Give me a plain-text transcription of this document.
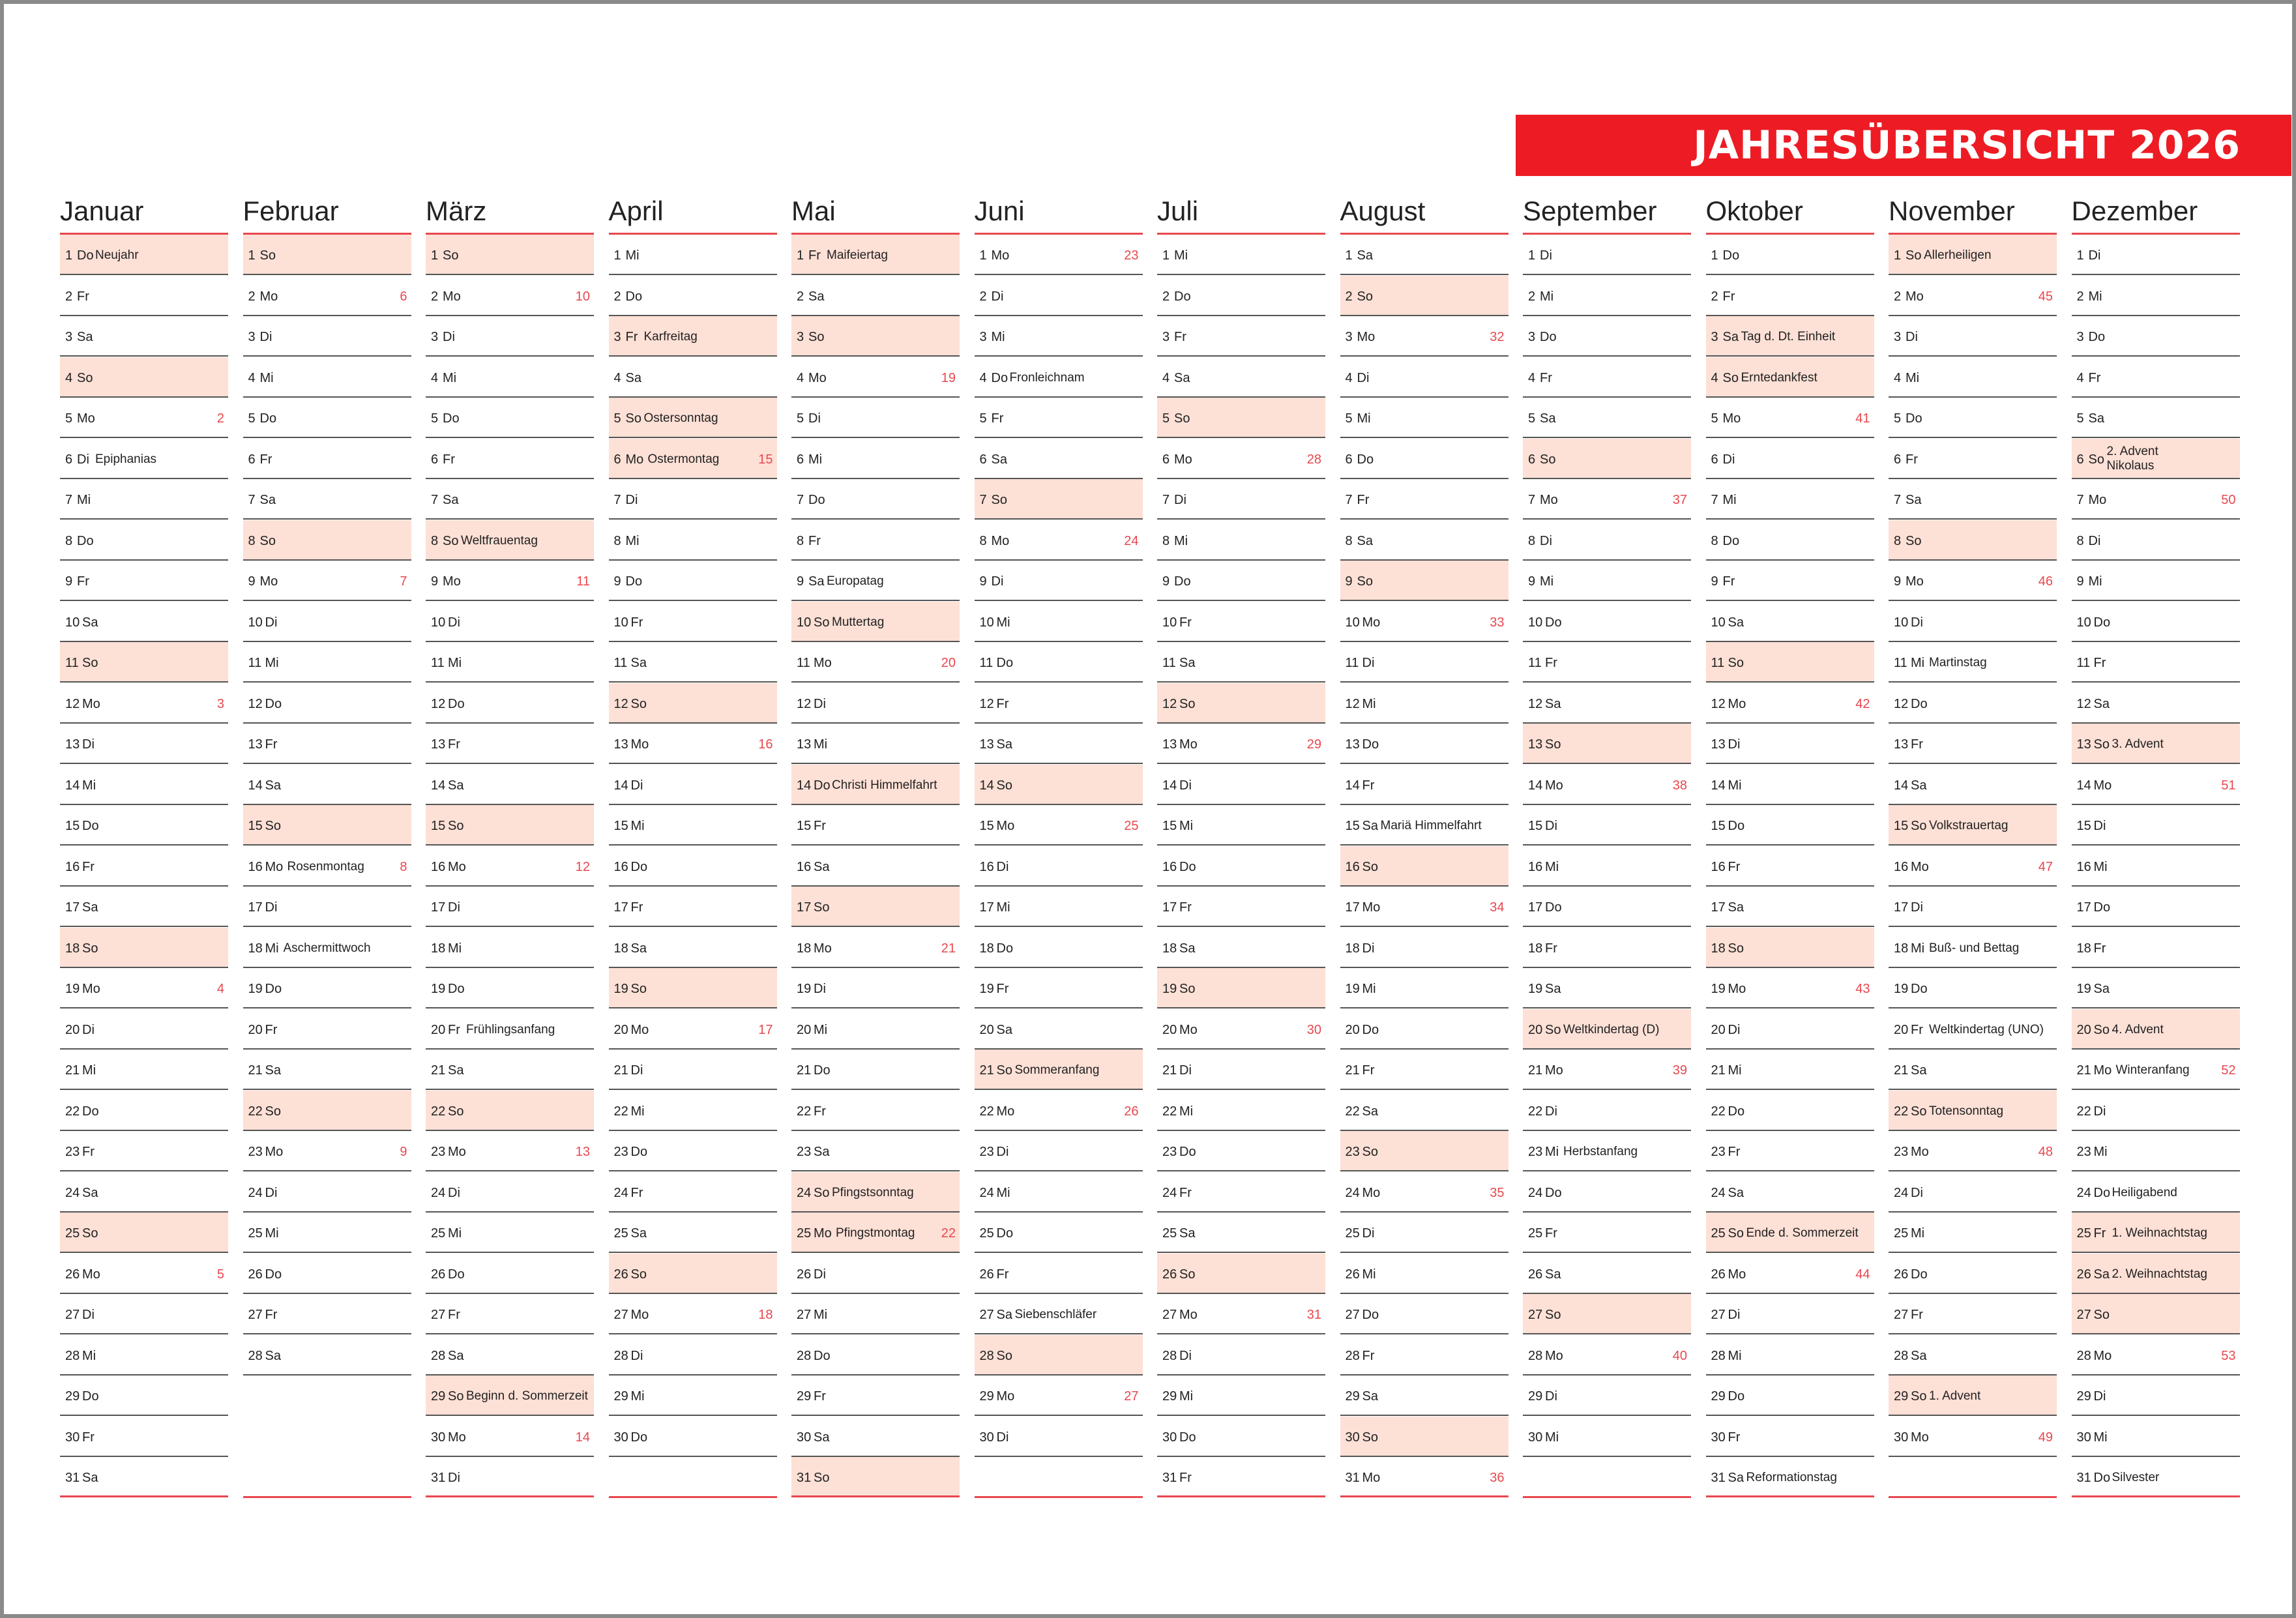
JAHRESÜBERSICHT 2026
Januar
1 Do Neujahr
2 Fr
3 Sa
4 So
5 Mo	2
6 Di Epiphanias
7 Mi
8 Do
9 Fr
10 Sa
11 So
12 Mo	3
13 Di
14 Mi
15 Do
16 Fr
17 Sa
18 So
19 Mo	4
20 Di
21 Mi
22 Do
23 Fr
24 Sa
25 So
26 Mo	5
27 Di
28 Mi
29 Do
30 Fr
31 Sa
Februar
1 So
2 Mo	6
3 Di
4 Mi
5 Do
6 Fr
7 Sa
8 So
9 Mo	7
10 Di
11 Mi
12 Do
13 Fr
14 Sa
15 So
16 Mo Rosenmontag	8
17 Di
18 Mi Aschermittwoch
19 Do
20 Fr
21 Sa
22 So
23 Mo	9
24 Di
25 Mi
26 Do
27 Fr
28 Sa
März
1 So
2 Mo	10
3 Di
4 Mi
5 Do
6 Fr
7 Sa
8 So Weltfrauentag
9 Mo	11
10 Di
11 Mi
12 Do
13 Fr
14 Sa
15 So
16 Mo	12
17 Di
18 Mi
19 Do
20 Fr Frühlingsanfang
21 Sa
22 So
23 Mo	13
24 Di
25 Mi
26 Do
27 Fr
28 Sa
29 So Beginn d. Sommerzeit
30 Mo	14
31 Di
April
1 Mi
2 Do
3 Fr Karfreitag
4 Sa
5 So Ostersonntag
6 Mo Ostermontag	15
7 Di
8 Mi
9 Do
10 Fr
11 Sa
12 So
13 Mo	16
14 Di
15 Mi
16 Do
17 Fr
18 Sa
19 So
20 Mo	17
21 Di
22 Mi
23 Do
24 Fr
25 Sa
26 So
27 Mo	18
28 Di
29 Mi
30 Do
Mai
1 Fr Maifeiertag
2 Sa
3 So
4 Mo	19
5 Di
6 Mi
7 Do
8 Fr
9 Sa Europatag
10 So Muttertag
11 Mo	20
12 Di
13 Mi
14 Do Christi Himmelfahrt
15 Fr
16 Sa
17 So
18 Mo	21
19 Di
20 Mi
21 Do
22 Fr
23 Sa
24 So Pfingstsonntag
25 Mo Pfingstmontag 22
26 Di
27 Mi
28 Do
29 Fr
30 Sa
31 So
Juni
1 Mo	23
2 Di
3 Mi
4 Do Fronleichnam
5 Fr
6 Sa
7 So
8 Mo	24
9 Di
10 Mi
11 Do
12 Fr
13 Sa
14 So
15 Mo	25
16 Di
17 Mi
18 Do
19 Fr
20 Sa
21 So Sommeranfang
22 Mo	26
23 Di
24 Mi
25 Do
26 Fr
27 Sa Siebenschläfer
28 So
29 Mo	27
30 Di
Juli
1 Mi
2 Do
3 Fr
4 Sa
5 So
6 Mo	28
7 Di
8 Mi
9 Do
10 Fr
11 Sa
12 So
13 Mo	29
14 Di
15 Mi
16 Do
17 Fr
18 Sa
19 So
20 Mo	30
21 Di
22 Mi
23 Do
24 Fr
25 Sa
26 So
27 Mo	31
28 Di
29 Mi
30 Do
31 Fr
August
1 Sa
2 So
3 Mo	32
4 Di
5 Mi
6 Do
7 Fr
8 Sa
9 So
10 Mo	33
11 Di
12 Mi
13 Do
14 Fr
15 Sa Mariä Himmelfahrt
16 So
17 Mo	34
18 Di
19 Mi
20 Do
21 Fr
22 Sa
23 So
24 Mo	35
25 Di
26 Mi
27 Do
28 Fr
29 Sa
30 So
31 Mo	36
September
1 Di
2 Mi
3 Do
4 Fr
5 Sa
6 So
7 Mo	37
8 Di
9 Mi
10 Do
11 Fr
12 Sa
13 So
14 Mo	38
15 Di
16 Mi
17 Do
18 Fr
19 Sa
20 So Weltkindertag (D)
21 Mo	39
22 Di
23 Mi Herbstanfang
24 Do
25 Fr
26 Sa
27 So
28 Mo	40
29 Di
30 Mi
Oktober
1 Do
2 Fr
3 Sa Tag d. Dt. Einheit
4 So Erntedankfest
5 Mo	41
6 Di
7 Mi
8 Do
9 Fr
10 Sa
11 So
12 Mo	42
13 Di
14 Mi
15 Do
16 Fr
17 Sa
18 So
19 Mo	43
20 Di
21 Mi
22 Do
23 Fr
24 Sa
25 So Ende d. Sommerzeit
26 Mo	44
27 Di
28 Mi
29 Do
30 Fr
31 Sa Reformationstag
November
1 So Allerheiligen
2 Mo	45
3 Di
4 Mi
5 Do
6 Fr
7 Sa
8 So
9 Mo	46
10 Di
11 Mi Martinstag
12 Do
13 Fr
14 Sa
15 So Volkstrauertag
16 Mo	47
17 Di
18 Mi Buß- und Bettag
19 Do
20 Fr Weltkindertag (UNO)
21 Sa
22 So Totensonntag
23 Mo	48
24 Di
25 Mi
26 Do
27 Fr
28 Sa
29 So 1. Advent
30 Mo	49
Dezember
1 Di
2 Mi
3 Do
4 Fr
5 Sa
6 So
2. Advent
Nikolaus
7 Mo	50
8 Di
9 Mi
10 Do
11 Fr
12 Sa
13 So 3. Advent
14 Mo	51
15 Di
16 Mi
17 Do
18 Fr
19 Sa
20 So 4. Advent
21 Mo Winteranfang 52
22 Di
23 Mi
24 Do Heiligabend
25 Fr 1. Weihnachtstag
26 Sa 2. Weihnachtstag
27 So
28 Mo	53
29 Di
30 Mi
31 Do Silvester
